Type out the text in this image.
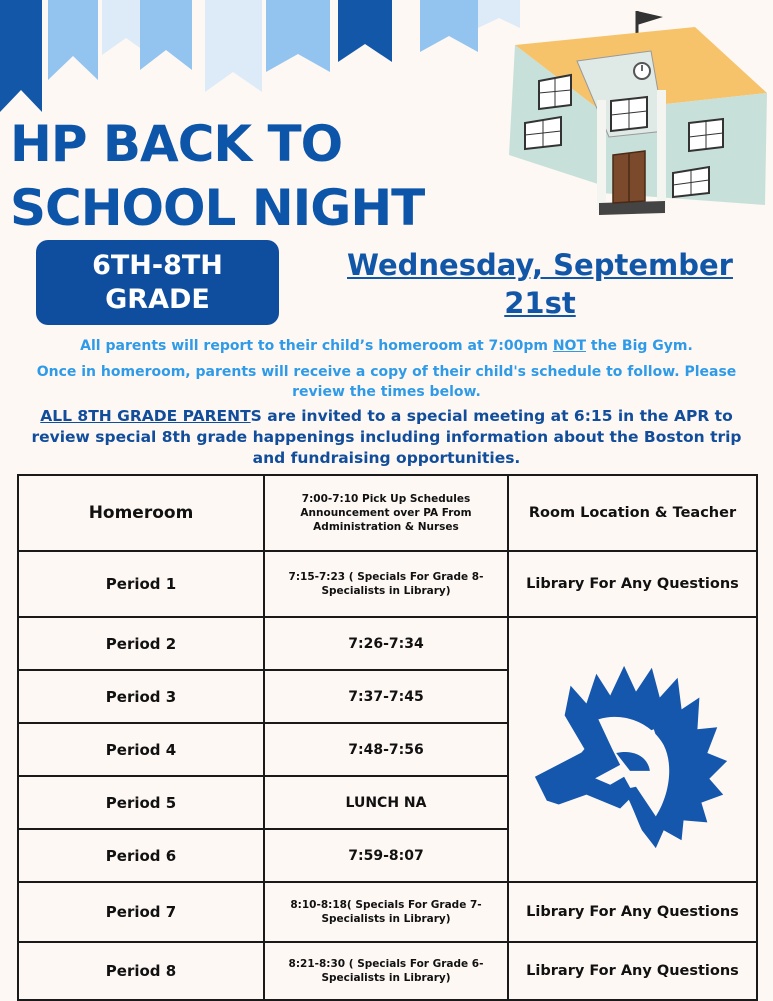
HP BACK TO
SCHOOL NIGHT
6TH-8TH
GRADE
Wednesday, September
21st
All parents will report to their child’s homeroom at 7:00pm NOT the Big Gym.
Once in homeroom, parents will receive a copy of their child's schedule to follow. Please review the times below.
ALL 8TH GRADE PARENTS are invited to a special meeting at 6:15 in the APR to review special 8th grade happenings including information about the Boston trip and fundraising opportunities.
Homeroom	7:00-7:10 Pick Up Schedules Announcement over PA From Administration & Nurses	Room Location & Teacher
Period 1	7:15-7:23 ( Specials For Grade 8- Specialists in Library)	Library For Any Questions
Period 2	7:26-7:34	

Period 3	7:37-7:45	
Period 4	7:48-7:56	
Period 5	LUNCH NA	
Period 6	7:59-8:07	
Period 7	8:10-8:18( Specials For Grade 7- Specialists in Library)	Library For Any Questions
Period 8	8:21-8:30 ( Specials For Grade 6- Specialists in Library)	Library For Any Questions
